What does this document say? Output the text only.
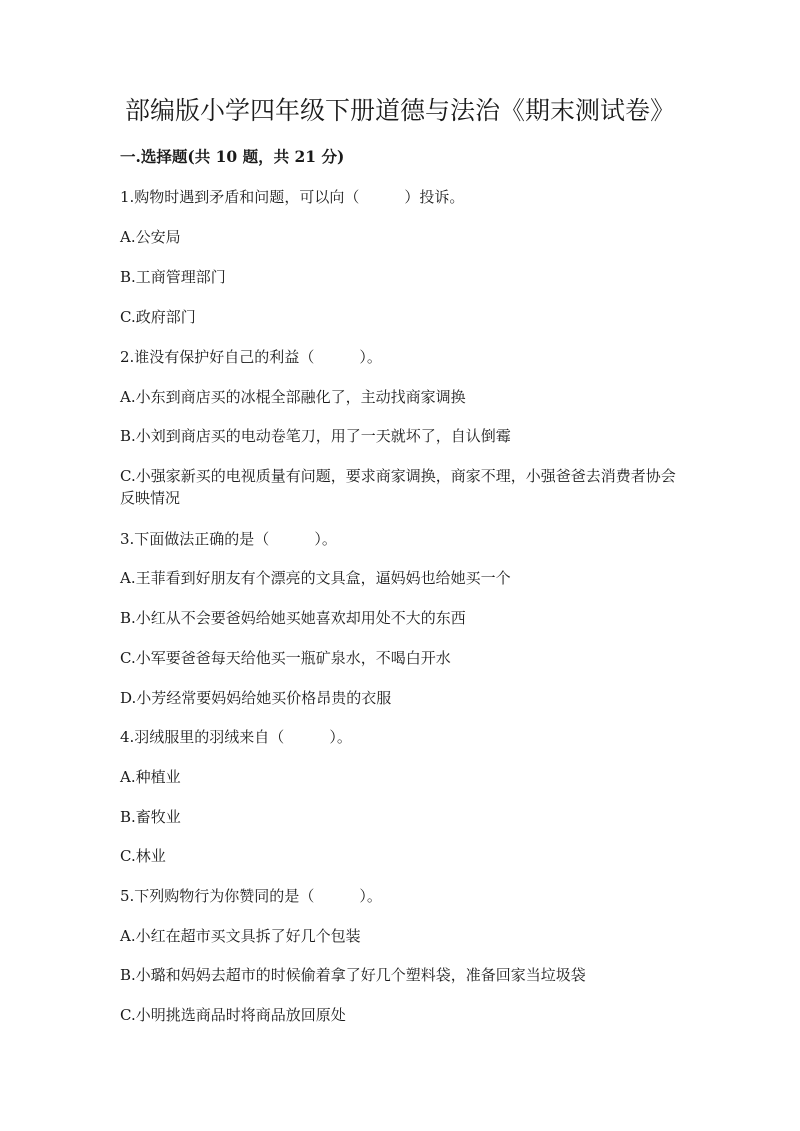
部编版小学四年级下册道德与法治《期末测试卷》
一.选择题(共 10 题，共 21 分)
1.购物时遇到矛盾和问题，可以向（　　　）投诉。
A.公安局
B.工商管理部门
C.政府部门
2.谁没有保护好自己的利益（　　　）。
A.小东到商店买的冰棍全部融化了，主动找商家调换
B.小刘到商店买的电动卷笔刀，用了一天就坏了，自认倒霉
C.小强家新买的电视质量有问题，要求商家调换，商家不理，小强爸爸去消费者协会反映情况
3.下面做法正确的是（　　　）。
A.王菲看到好朋友有个漂亮的文具盒，逼妈妈也给她买一个
B.小红从不会要爸妈给她买她喜欢却用处不大的东西
C.小军要爸爸每天给他买一瓶矿泉水，不喝白开水
D.小芳经常要妈妈给她买价格昂贵的衣服
4.羽绒服里的羽绒来自（　　　）。
A.种植业
B.畜牧业
C.林业
5.下列购物行为你赞同的是（　　　）。
A.小红在超市买文具拆了好几个包装
B.小璐和妈妈去超市的时候偷着拿了好几个塑料袋，准备回家当垃圾袋
C.小明挑选商品时将商品放回原处
